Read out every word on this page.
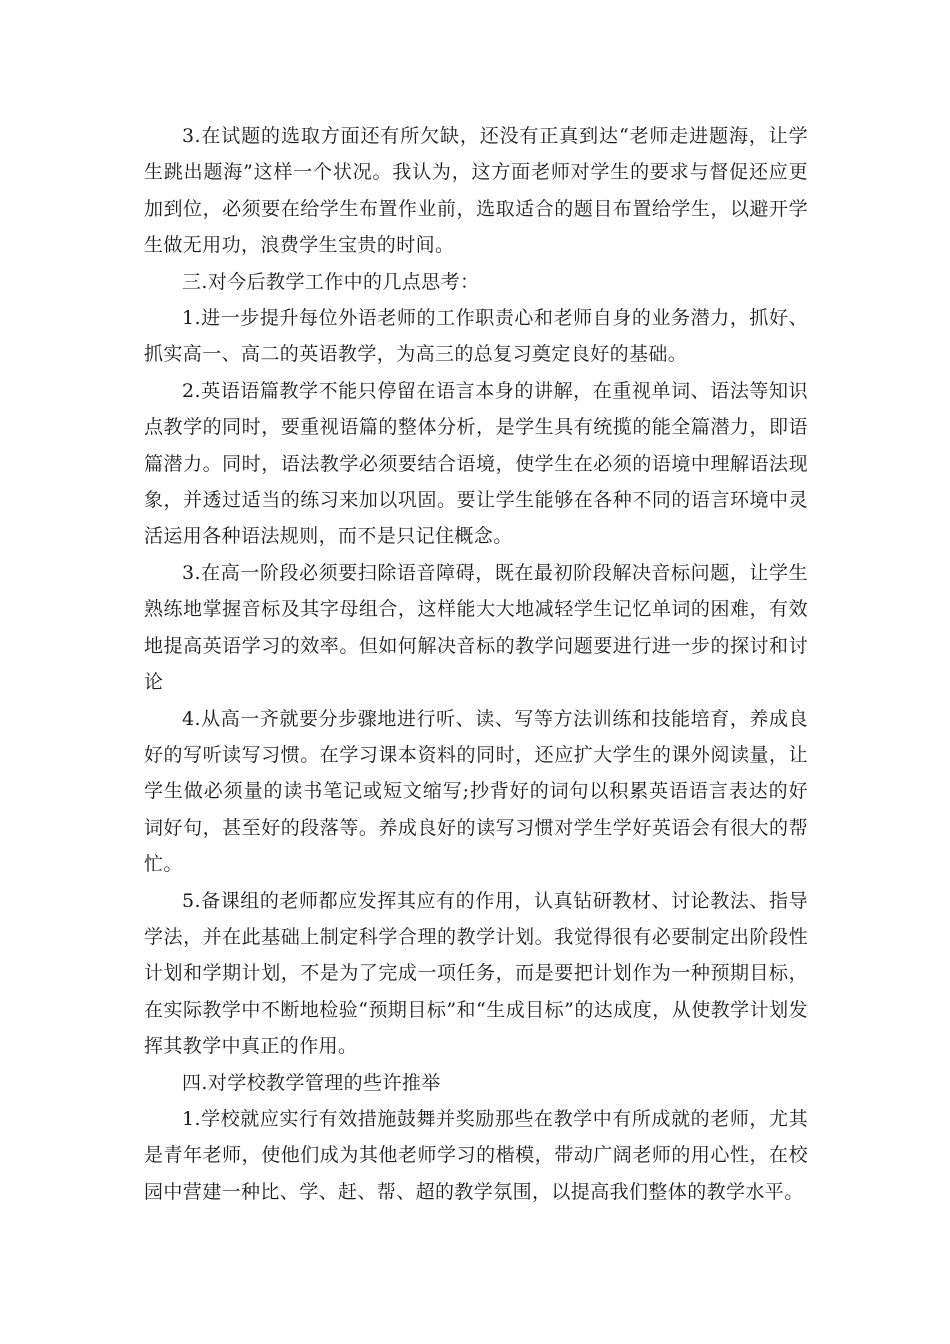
3.在试题的选取方面还有所欠缺，还没有正真到达“老师走进题海，让学生跳出题海”这样一个状况。我认为，这方面老师对学生的要求与督促还应更加到位，必须要在给学生布置作业前，选取适合的题目布置给学生，以避开学生做无用功，浪费学生宝贵的时间。

三.对今后教学工作中的几点思考：

1.进一步提升每位外语老师的工作职责心和老师自身的业务潜力，抓好、抓实高一、高二的英语教学，为高三的总复习奠定良好的基础。

2.英语语篇教学不能只停留在语言本身的讲解，在重视单词、语法等知识点教学的同时，要重视语篇的整体分析，是学生具有统揽的能全篇潜力，即语篇潜力。同时，语法教学必须要结合语境，使学生在必须的语境中理解语法现象，并透过适当的练习来加以巩固。要让学生能够在各种不同的语言环境中灵活运用各种语法规则，而不是只记住概念。

3.在高一阶段必须要扫除语音障碍，既在最初阶段解决音标问题，让学生熟练地掌握音标及其字母组合，这样能大大地减轻学生记忆单词的困难，有效地提高英语学习的效率。但如何解决音标的教学问题要进行进一步的探讨和讨论

4.从高一齐就要分步骤地进行听、读、写等方法训练和技能培育，养成良好的写听读写习惯。在学习课本资料的同时，还应扩大学生的课外阅读量，让学生做必须量的读书笔记或短文缩写;抄背好的词句以积累英语语言表达的好词好句，甚至好的段落等。养成良好的读写习惯对学生学好英语会有很大的帮忙。

5.备课组的老师都应发挥其应有的作用，认真钻研教材、讨论教法、指导学法，并在此基础上制定科学合理的教学计划。我觉得很有必要制定出阶段性计划和学期计划，不是为了完成一项任务，而是要把计划作为一种预期目标，在实际教学中不断地检验“预期目标”和“生成目标”的达成度，从使教学计划发挥其教学中真正的作用。

四.对学校教学管理的些许推举

1.学校就应实行有效措施鼓舞并奖励那些在教学中有所成就的老师，尤其是青年老师，使他们成为其他老师学习的楷模，带动广阔老师的用心性，在校园中营建一种比、学、赶、帮、超的教学氛围，以提高我们整体的教学水平。
